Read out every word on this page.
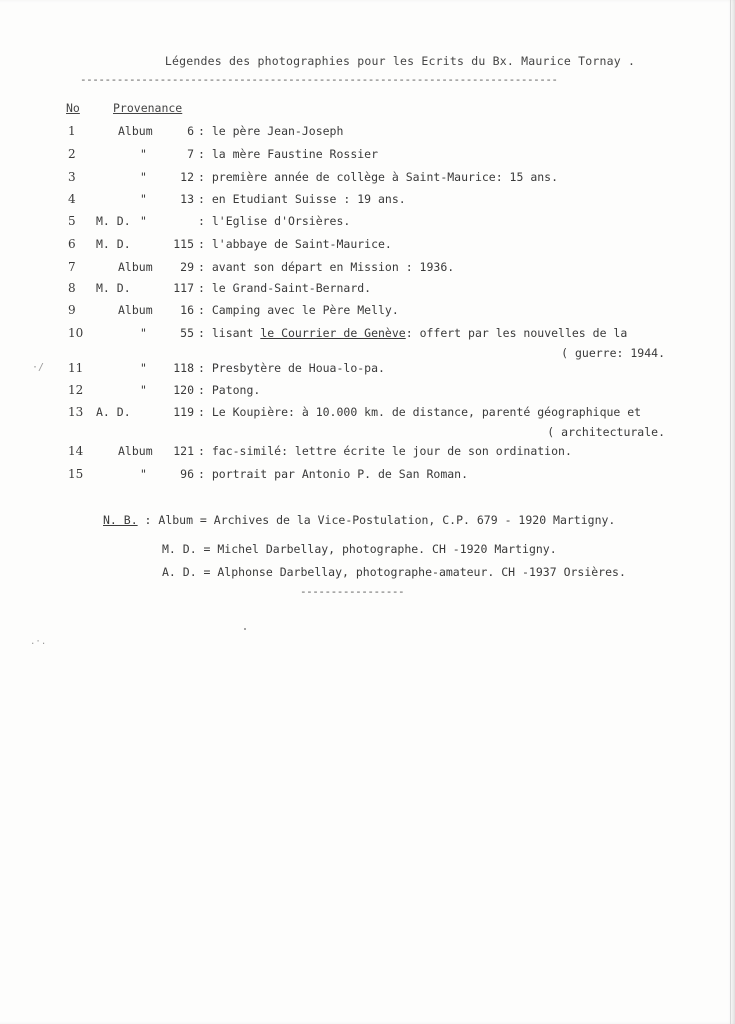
Légendes des photographies pour les Ecrits du Bx. Maurice Tornay .
------------------------------------------------------------------------------
No	Provenance
1	Album	6 : le père Jean-Joseph
2	"	7 : la mère Faustine Rossier
3	"	12 : première année de collège à Saint-Maurice: 15 ans.
4	"	13 : en Etudiant Suisse : 19 ans.
5	M. D. "	: l'Eglise d'Orsières.
6	M. D.	115 : l'abbaye de Saint-Maurice.
7	Album	29 : avant son départ en Mission : 1936.
8	M. D.	117 : le Grand-Saint-Bernard.
9	Album	16 : Camping avec le Père Melly.
10	"	55 : lisant le Courrier de Genève: offert par les nouvelles de la
( guerre: 1944.
11	"	118 : Presbytère de Houa-lo-pa.
12	"	120 : Patong.
13	A. D.	119 : Le Koupière: à 10.000 km. de distance, parenté géographique et
( architecturale.
14	Album	121 : fac-similé: lettre écrite le jour de son ordination.
15	"	96 : portrait par Antonio P. de San Roman.
N. B. : Album = Archives de la Vice-Postulation, C.P. 679 - 1920 Martigny.
M. D. = Michel Darbellay, photographe. CH -1920 Martigny.
A. D. = Alphonse Darbellay, photographe-amateur. CH -1937 Orsières.
-----------------
·/
.·.
